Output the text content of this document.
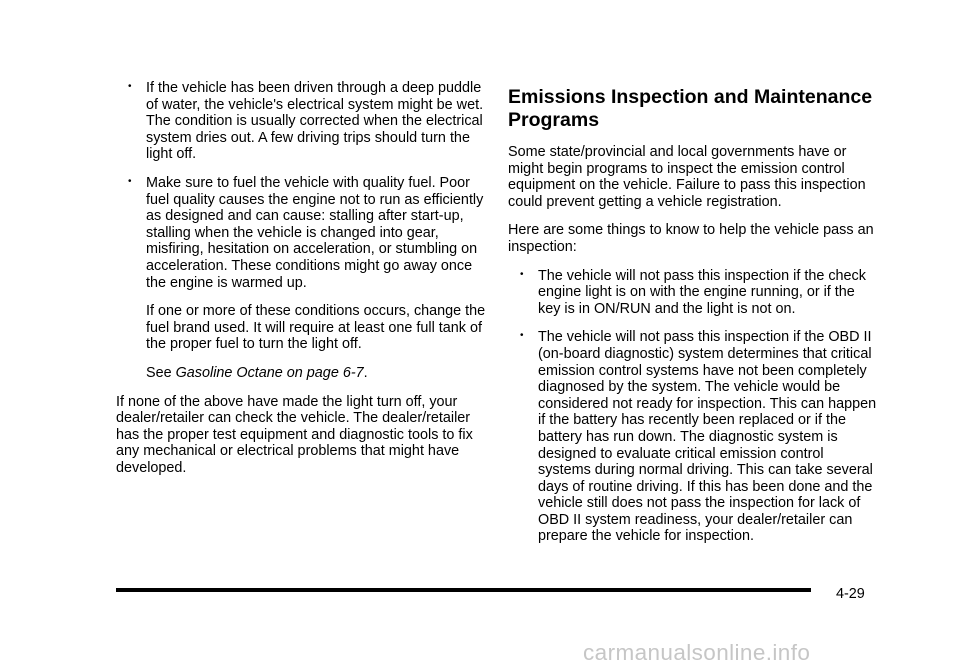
• If the vehicle has been driven through a deep puddle of water, the vehicle's electrical system might be wet. The condition is usually corrected when the electrical system dries out. A few driving trips should turn the light off.
• Make sure to fuel the vehicle with quality fuel. Poor fuel quality causes the engine not to run as efficiently as designed and can cause: stalling after start-up, stalling when the vehicle is changed into gear, misfiring, hesitation on acceleration, or stumbling on acceleration. These conditions might go away once the engine is warmed up.
If one or more of these conditions occurs, change the fuel brand used. It will require at least one full tank of the proper fuel to turn the light off.
See Gasoline Octane on page 6-7.

If none of the above have made the light turn off, your dealer/retailer can check the vehicle. The dealer/retailer has the proper test equipment and diagnostic tools to fix any mechanical or electrical problems that might have developed.

Emissions Inspection and Maintenance Programs

Some state/provincial and local governments have or might begin programs to inspect the emission control equipment on the vehicle. Failure to pass this inspection could prevent getting a vehicle registration.

Here are some things to know to help the vehicle pass an inspection:

• The vehicle will not pass this inspection if the check engine light is on with the engine running, or if the key is in ON/RUN and the light is not on.
• The vehicle will not pass this inspection if the OBD II (on-board diagnostic) system determines that critical emission control systems have not been completely diagnosed by the system. The vehicle would be considered not ready for inspection. This can happen if the battery has recently been replaced or if the battery has run down. The diagnostic system is designed to evaluate critical emission control systems during normal driving. This can take several days of routine driving. If this has been done and the vehicle still does not pass the inspection for lack of OBD II system readiness, your dealer/retailer can prepare the vehicle for inspection.
4-29
carmanualsonline.info
